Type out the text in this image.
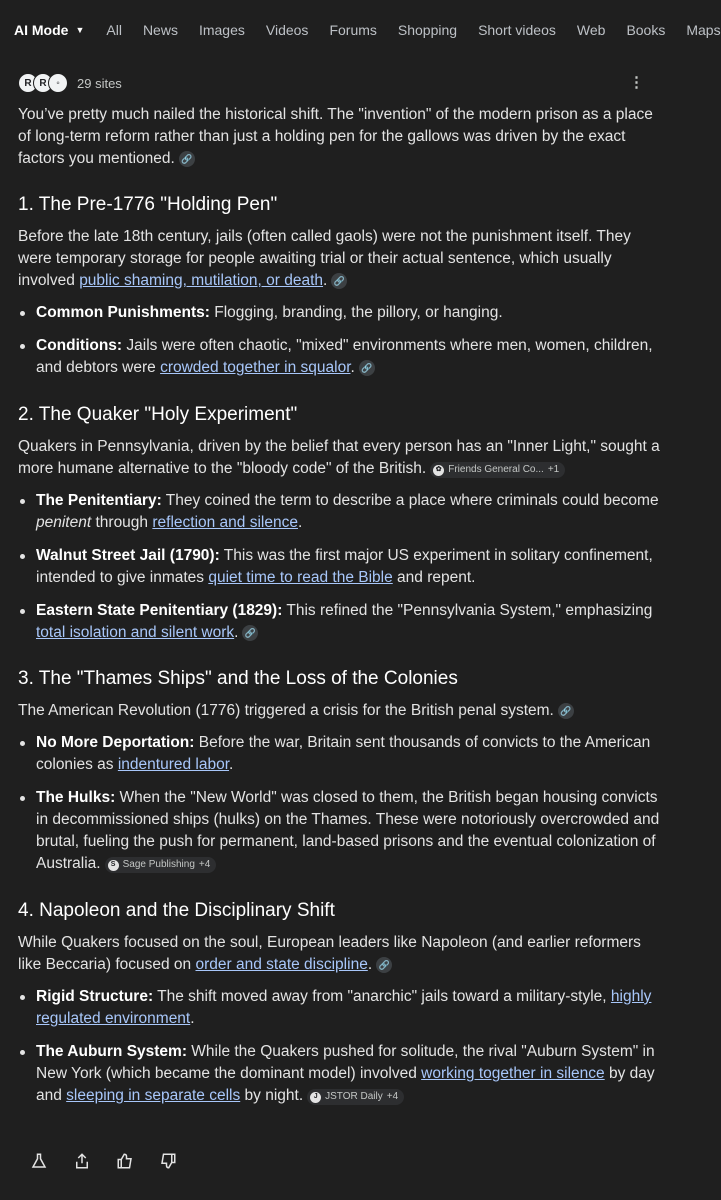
AI Mode ▼ All News Images Videos Forums Shopping Short videos Web Books Maps
R R ◦	29 sites	⋮

You’ve pretty much nailed the historical shift. The "invention" of the modern prison as a place of long-term reform rather than just a holding pen for the gallows was driven by the exact factors you mentioned. 🔗

1. The Pre-1776 "Holding Pen"

Before the late 18th century, jails (often called gaols) were not the punishment itself. They were temporary storage for people awaiting trial or their actual sentence, which usually involved public shaming, mutilation, or death. 🔗

Common Punishments: Flogging, branding, the pillory, or hanging.
Conditions: Jails were often chaotic, "mixed" environments where men, women, children, and debtors were crowded together in squalor. 🔗
2. The Quaker "Holy Experiment"

Quakers in Pennsylvania, driven by the belief that every person has an "Inner Light," sought a more humane alternative to the "bloody code" of the British.	✿ Friends General Co... +1

The Penitentiary: They coined the term to describe a place where criminals could become penitent through reflection and silence.
Walnut Street Jail (1790): This was the first major US experiment in solitary confinement, intended to give inmates quiet time to read the Bible and repent.
Eastern State Penitentiary (1829): This refined the "Pennsylvania System," emphasizing total isolation and silent work. 🔗
3. The "Thames Ships" and the Loss of the Colonies

The American Revolution (1776) triggered a crisis for the British penal system. 🔗

No More Deportation: Before the war, Britain sent thousands of convicts to the American colonies as indentured labor.
The Hulks: When the "New World" was closed to them, the British began housing convicts in decommissioned ships (hulks) on the Thames. These were notoriously overcrowded and brutal, fueling the push for permanent, land-based prisons and the eventual colonization of Australia.	S Sage Publishing +4
4. Napoleon and the Disciplinary Shift

While Quakers focused on the soul, European leaders like Napoleon (and earlier reformers like Beccaria) focused on order and state discipline. 🔗

Rigid Structure: The shift moved away from "anarchic" jails toward a military-style, highly regulated environment.
The Auburn System: While the Quakers pushed for solitude, the rival "Auburn System" in New York (which became the dominant model) involved working together in silence by day and sleeping in separate cells by night.	J JSTOR Daily +4
